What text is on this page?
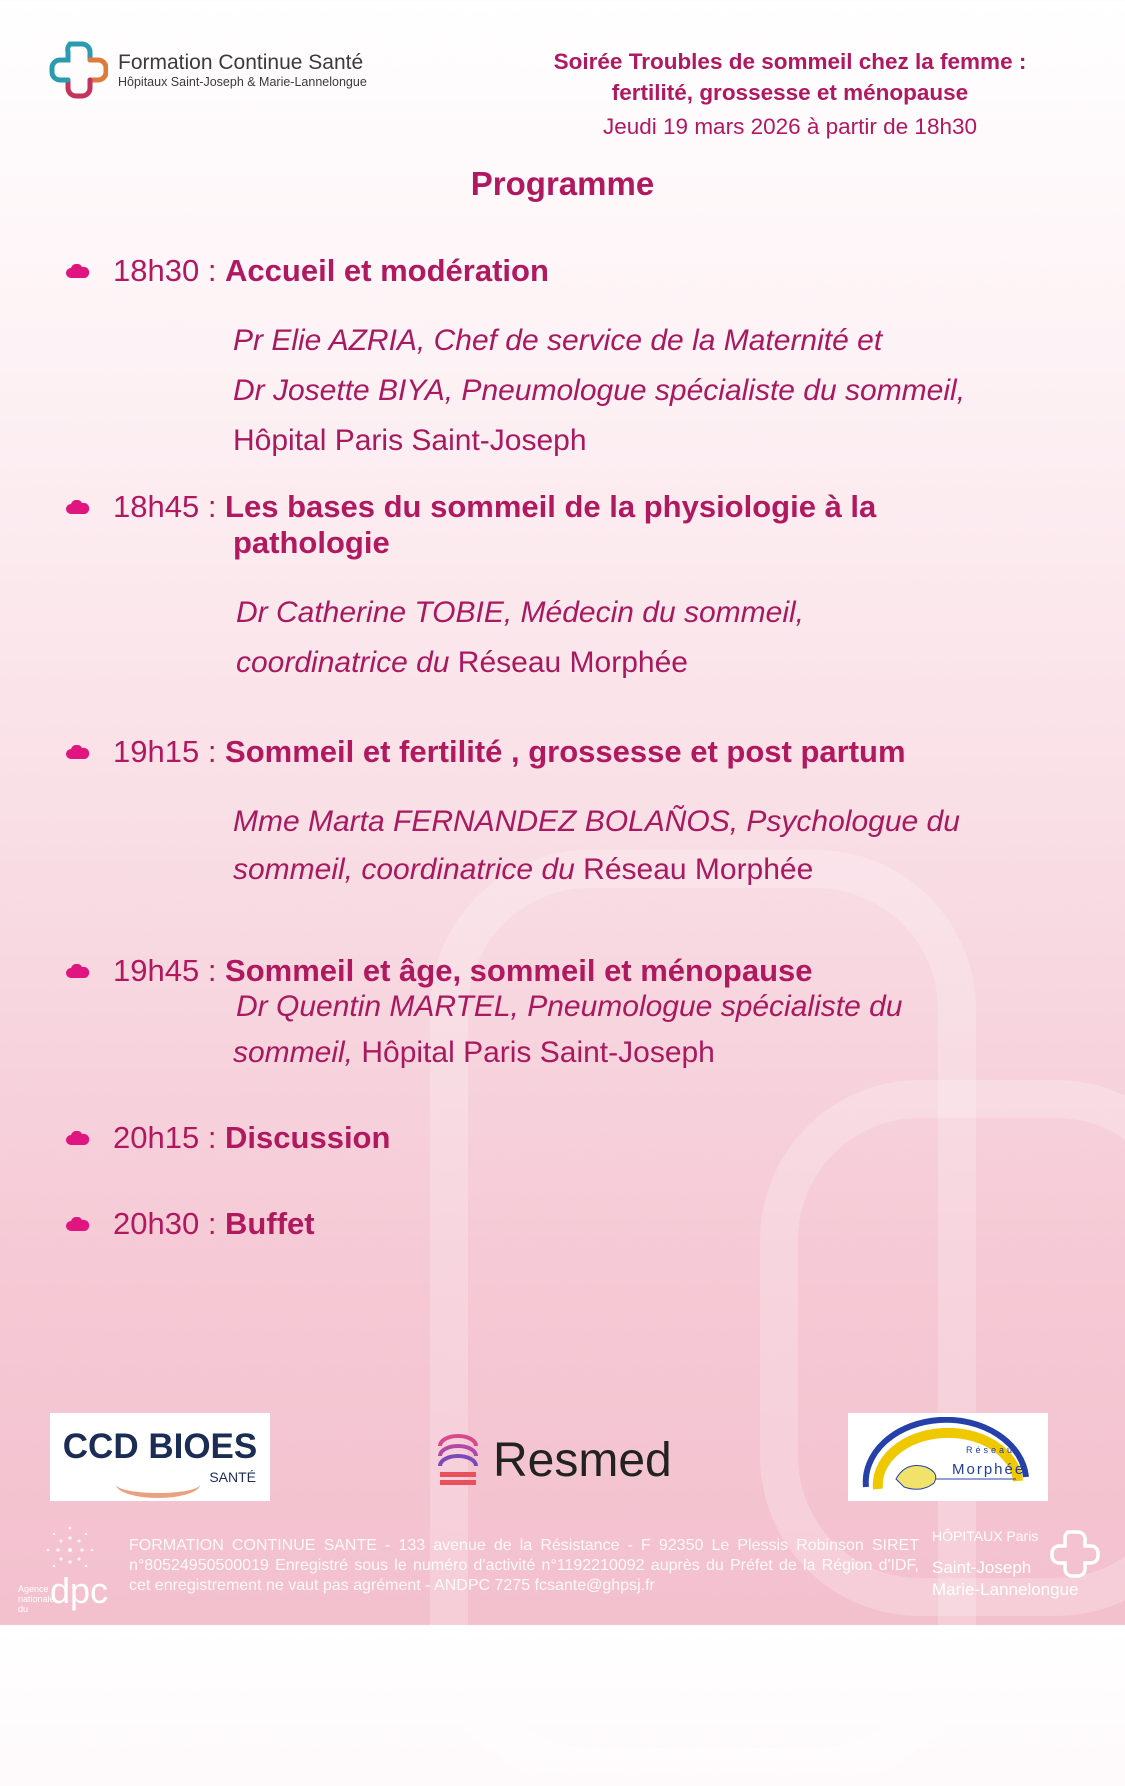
Formation Continue Santé
Hôpitaux Saint-Joseph & Marie-Lannelongue
Soirée Troubles de sommeil chez la femme :
fertilité, grossesse et ménopause
Jeudi 19 mars 2026 à partir de 18h30
Programme
18h30 : Accueil et modération
Pr Elie AZRIA, Chef de service de la Maternité et
Dr Josette BIYA, Pneumologue spécialiste du sommeil,
Hôpital Paris Saint-Joseph
18h45 : Les bases du sommeil de la physiologie à la
pathologie
Dr Catherine TOBIE, Médecin du sommeil,
coordinatrice du Réseau Morphée
19h15 : Sommeil et fertilité , grossesse et post partum
Mme Marta FERNANDEZ BOLAÑOS, Psychologue du
sommeil, coordinatrice du Réseau Morphée
19h45 : Sommeil et âge, sommeil et ménopause
Dr Quentin MARTEL, Pneumologue spécialiste du
sommeil, Hôpital Paris Saint-Joseph
20h15 : Discussion
20h30 : Buffet
CCD BIOES
SANTÉ	Resmed	Réseau
Morphée
Agence nationale du dpc
FORMATION CONTINUE SANTE - 133 avenue de la Résistance - F 92350 Le Plessis Robinson SIRET n°80524950500019 Enregistré sous le numéro d'activité n°1192210092 auprès du Préfet de la Région d'IDF, cet enregistrement ne vaut pas agrément - ANDPC 7275 fcsante@ghpsj.fr
HÔPITAUX Paris
Saint-Joseph
Marie-Lannelongue
